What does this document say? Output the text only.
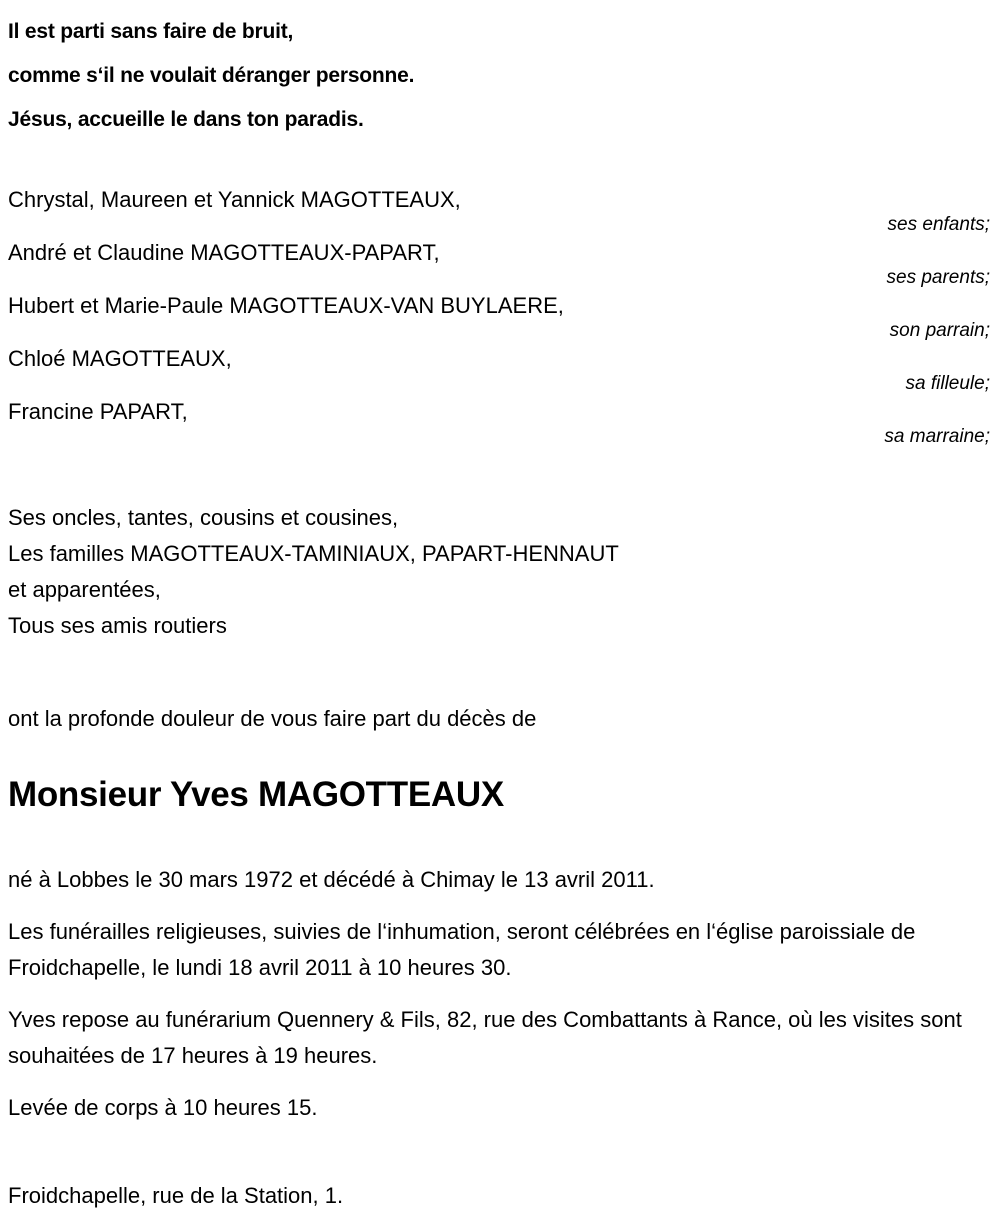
Il est parti sans faire de bruit,
comme s‘il ne voulait déranger personne.
Jésus, accueille le dans ton paradis.
Chrystal, Maureen et Yannick MAGOTTEAUX,
ses enfants;
André et Claudine MAGOTTEAUX-PAPART,
ses parents;
Hubert et Marie-Paule MAGOTTEAUX-VAN BUYLAERE,
son parrain;
Chloé MAGOTTEAUX,
sa filleule;
Francine PAPART,
sa marraine;
Ses oncles, tantes, cousins et cousines,
Les familles MAGOTTEAUX-TAMINIAUX, PAPART-HENNAUT
et apparentées,
Tous ses amis routiers
ont la profonde douleur de vous faire part du décès de
Monsieur Yves MAGOTTEAUX

né à Lobbes le 30 mars 1972 et décédé à Chimay le 13 avril 2011.

Les funérailles religieuses, suivies de l‘inhumation, seront célébrées en l‘église paroissiale de Froidchapelle, le lundi 18 avril 2011 à 10 heures 30.

Yves repose au funérarium Quennery & Fils, 82, rue des Combattants à Rance, où les visites sont souhaitées de 17 heures à 19 heures.

Levée de corps à 10 heures 15.

Froidchapelle, rue de la Station, 1.
